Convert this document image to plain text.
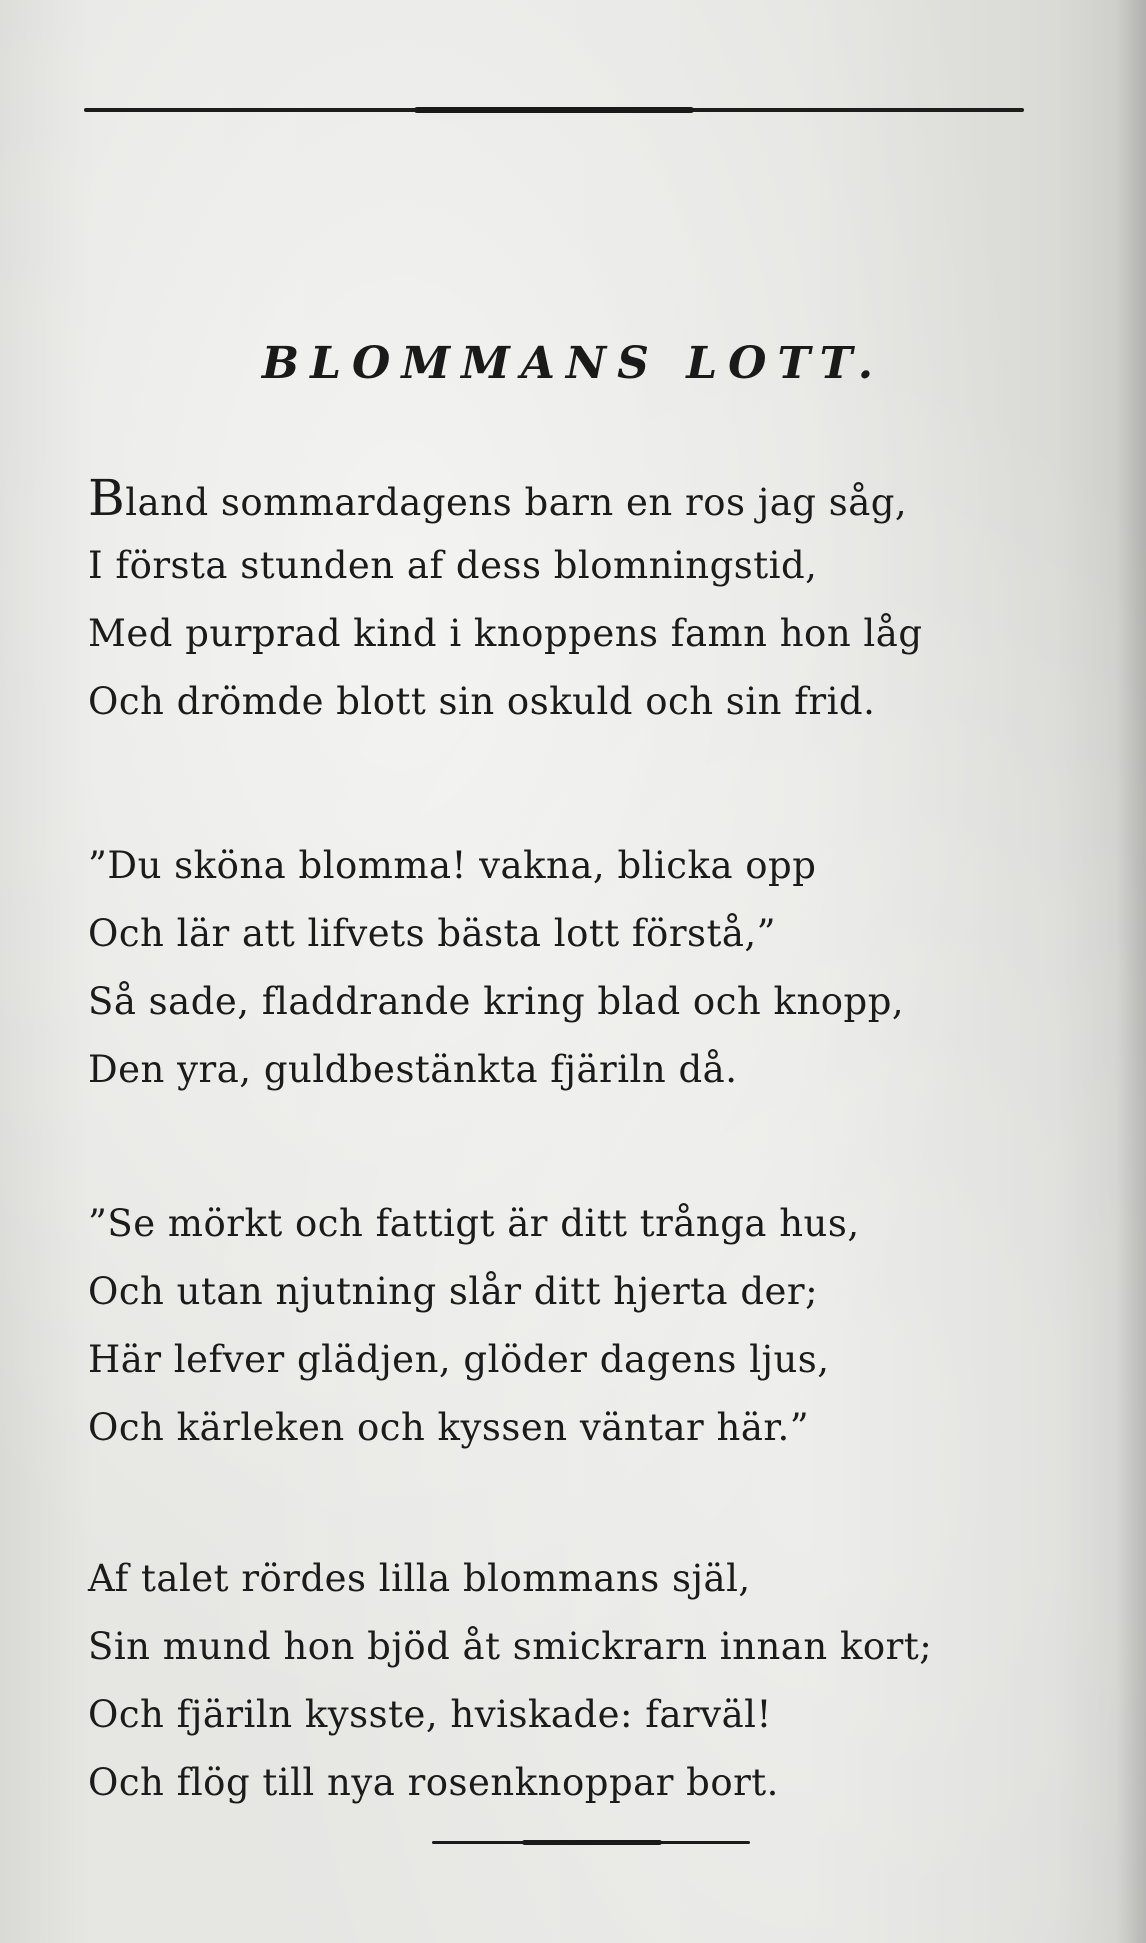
BLOMMANS LOTT.
Bland sommardagens barn en ros jag såg,
I första stunden af dess blomningstid,
Med purprad kind i knoppens famn hon låg
Och drömde blott sin oskuld och sin frid.
”Du sköna blomma! vakna, blicka opp
Och lär att lifvets bästa lott förstå,”
Så sade, fladdrande kring blad och knopp,
Den yra, guldbestänkta fjäriln då.
”Se mörkt och fattigt är ditt trånga hus,
Och utan njutning slår ditt hjerta der;
Här lefver glädjen, glöder dagens ljus,
Och kärleken och kyssen väntar här.”
Af talet rördes lilla blommans själ,
Sin mund hon bjöd åt smickrarn innan kort;
Och fjäriln kysste, hviskade: farväl!
Och flög till nya rosenknoppar bort.
